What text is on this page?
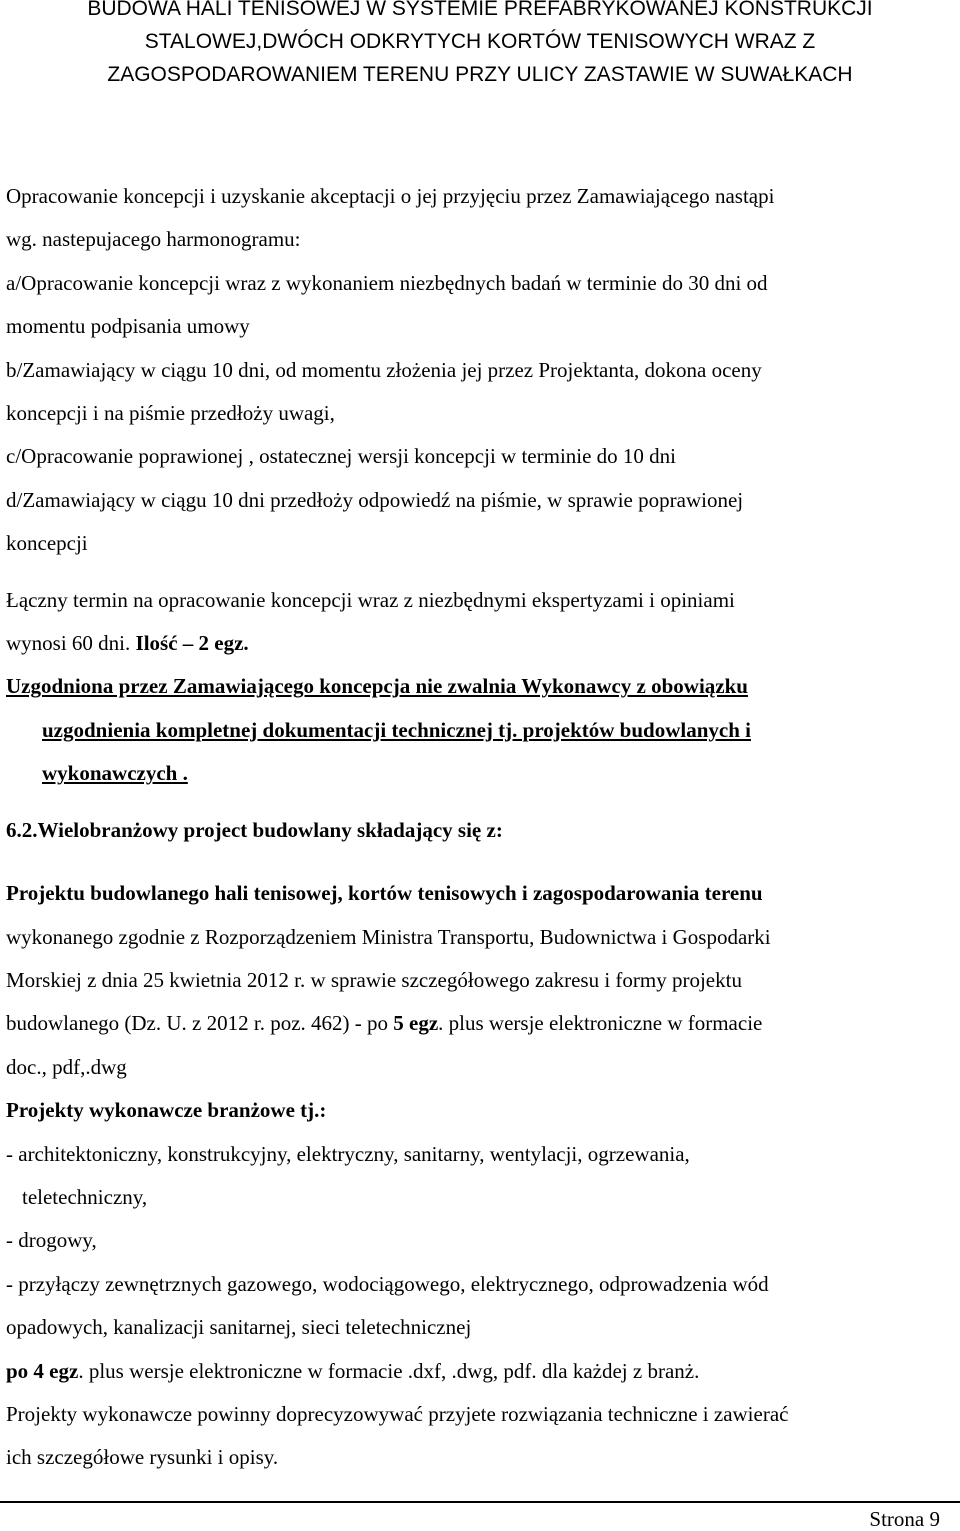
BUDOWA HALI TENISOWEJ W SYSTEMIE PREFABRYKOWANEJ KONSTRUKCJI
STALOWEJ,DWÓCH ODKRYTYCH KORTÓW TENISOWYCH WRAZ Z
ZAGOSPODAROWANIEM TERENU PRZY ULICY ZASTAWIE W SUWAŁKACH

Opracowanie koncepcji i uzyskanie akceptacji o jej przyjęciu przez Zamawiającego nastąpi

wg. nastepujacego harmonogramu:

a/Opracowanie koncepcji wraz z wykonaniem niezbędnych badań w terminie do 30 dni od

momentu podpisania umowy

b/Zamawiający w ciągu 10 dni, od momentu złożenia jej przez Projektanta, dokona oceny

koncepcji i na piśmie przedłoży uwagi,

c/Opracowanie poprawionej , ostatecznej wersji koncepcji w terminie do 10 dni

d/Zamawiający w ciągu 10 dni przedłoży odpowiedź na piśmie, w sprawie poprawionej

koncepcji

Łączny termin na opracowanie koncepcji wraz z niezbędnymi ekspertyzami i opiniami

wynosi 60 dni. Ilość – 2 egz.

Uzgodniona przez Zamawiającego koncepcja nie zwalnia Wykonawcy z obowiązku

uzgodnienia kompletnej dokumentacji technicznej tj. projektów budowlanych i

wykonawczych .

6.2.Wielobranżowy project budowlany składający się z:

Projektu budowlanego hali tenisowej, kortów tenisowych i zagospodarowania terenu

wykonanego zgodnie z Rozporządzeniem Ministra Transportu, Budownictwa i Gospodarki

Morskiej z dnia 25 kwietnia 2012 r. w sprawie szczegółowego zakresu i formy projektu

budowlanego (Dz. U. z 2012 r. poz. 462) - po 5 egz. plus wersje elektroniczne w formacie

doc., pdf,.dwg

Projekty wykonawcze branżowe tj.:

- architektoniczny, konstrukcyjny, elektryczny, sanitarny, wentylacji, ogrzewania,

teletechniczny,

- drogowy,

- przyłączy zewnętrznych gazowego, wodociągowego, elektrycznego, odprowadzenia wód

opadowych, kanalizacji sanitarnej, sieci teletechnicznej

po 4 egz. plus wersje elektroniczne w formacie .dxf, .dwg, pdf. dla każdej z branż.

Projekty wykonawcze powinny doprecyzowywać przyjete rozwiązania techniczne i zawierać

ich szczegółowe rysunki i opisy.

Strona 9
